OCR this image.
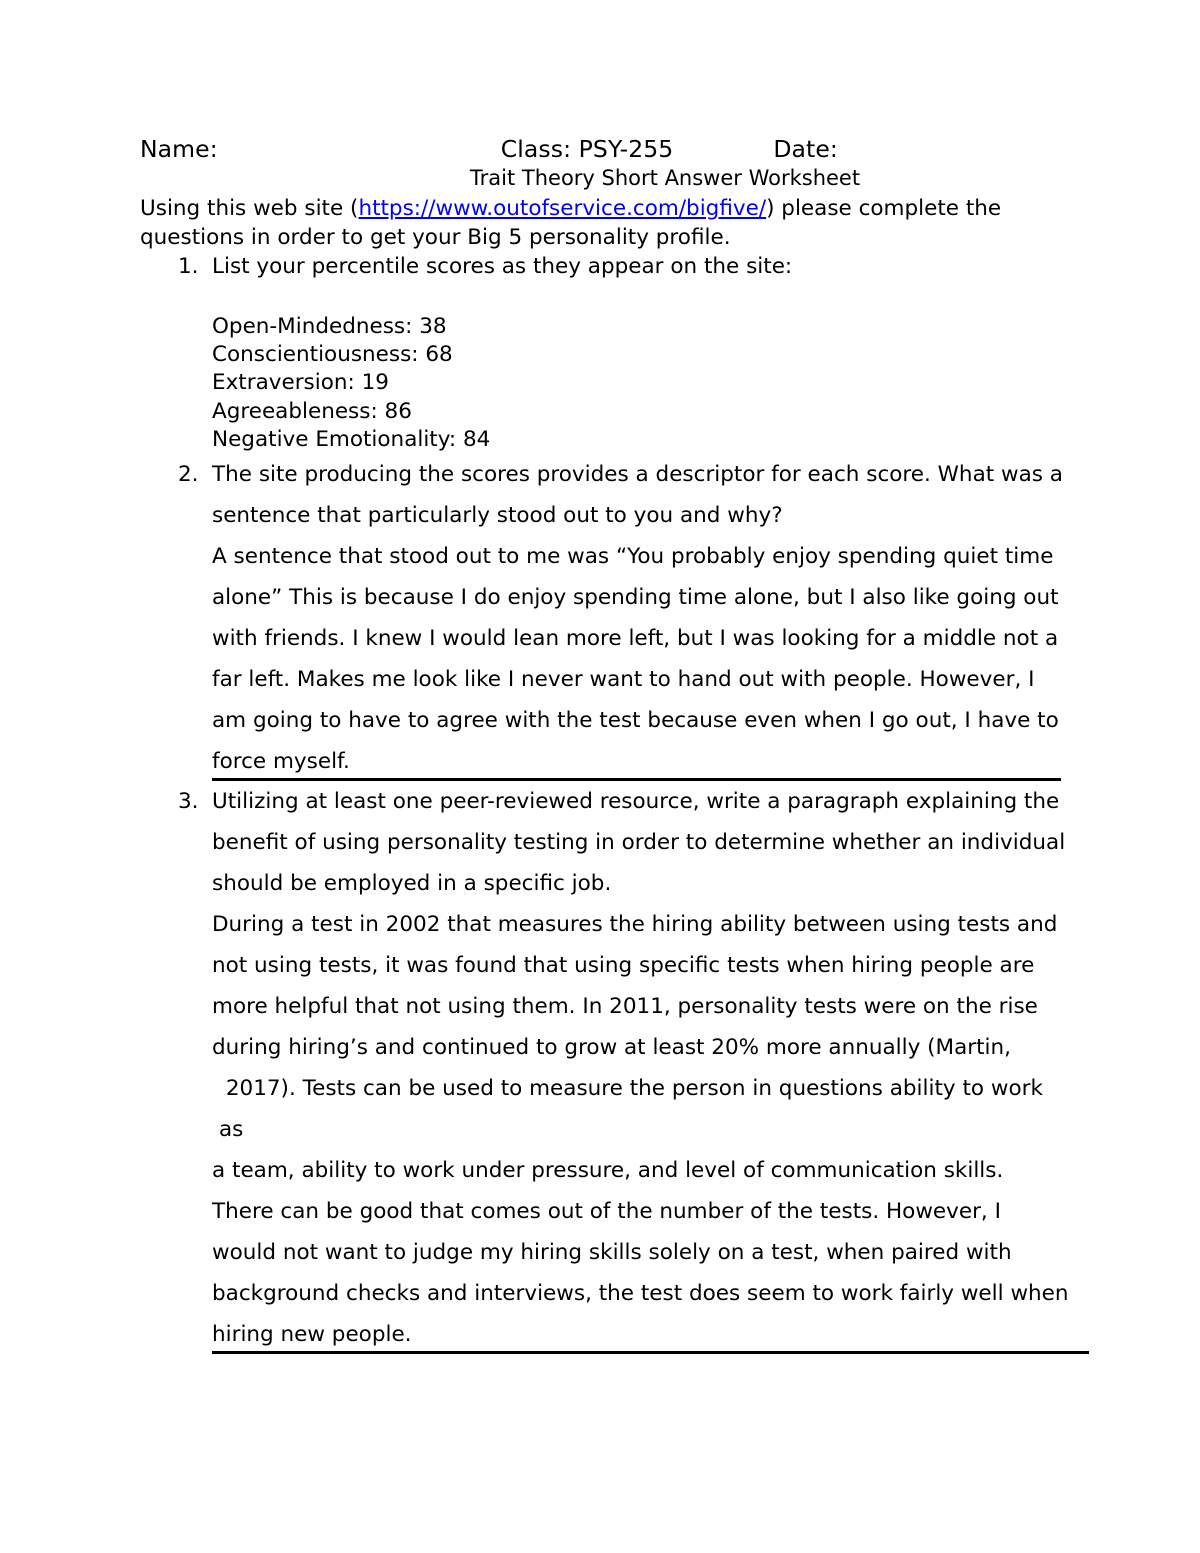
Name:	Class: PSY-255	Date:
Trait Theory Short Answer Worksheet
Using this web site (https://www.outofservice.com/bigfive/) please complete the questions in order to get your Big 5 personality profile.
1. List your percentile scores as they appear on the site:
Open-Mindedness: 38
Conscientiousness: 68
Extraversion: 19
Agreeableness: 86
Negative Emotionality: 84
2. The site producing the scores provides a descriptor for each score. What was a
sentence that particularly stood out to you and why?
A sentence that stood out to me was “You probably enjoy spending quiet time
alone” This is because I do enjoy spending time alone, but I also like going out
with friends. I knew I would lean more left, but I was looking for a middle not a
far left. Makes me look like I never want to hand out with people. However, I
am going to have to agree with the test because even when I go out, I have to
force myself.
3. Utilizing at least one peer-reviewed resource, write a paragraph explaining the
benefit of using personality testing in order to determine whether an individual
should be employed in a specific job.
During a test in 2002 that measures the hiring ability between using tests and
not using tests, it was found that using specific tests when hiring people are
more helpful that not using them. In 2011, personality tests were on the rise
during hiring’s and continued to grow at least 20% more annually (Martin,
2017). Tests can be used to measure the person in questions ability to work as
a team, ability to work under pressure, and level of communication skills.
There can be good that comes out of the number of the tests. However, I
would not want to judge my hiring skills solely on a test, when paired with
background checks and interviews, the test does seem to work fairly well when
hiring new people.
